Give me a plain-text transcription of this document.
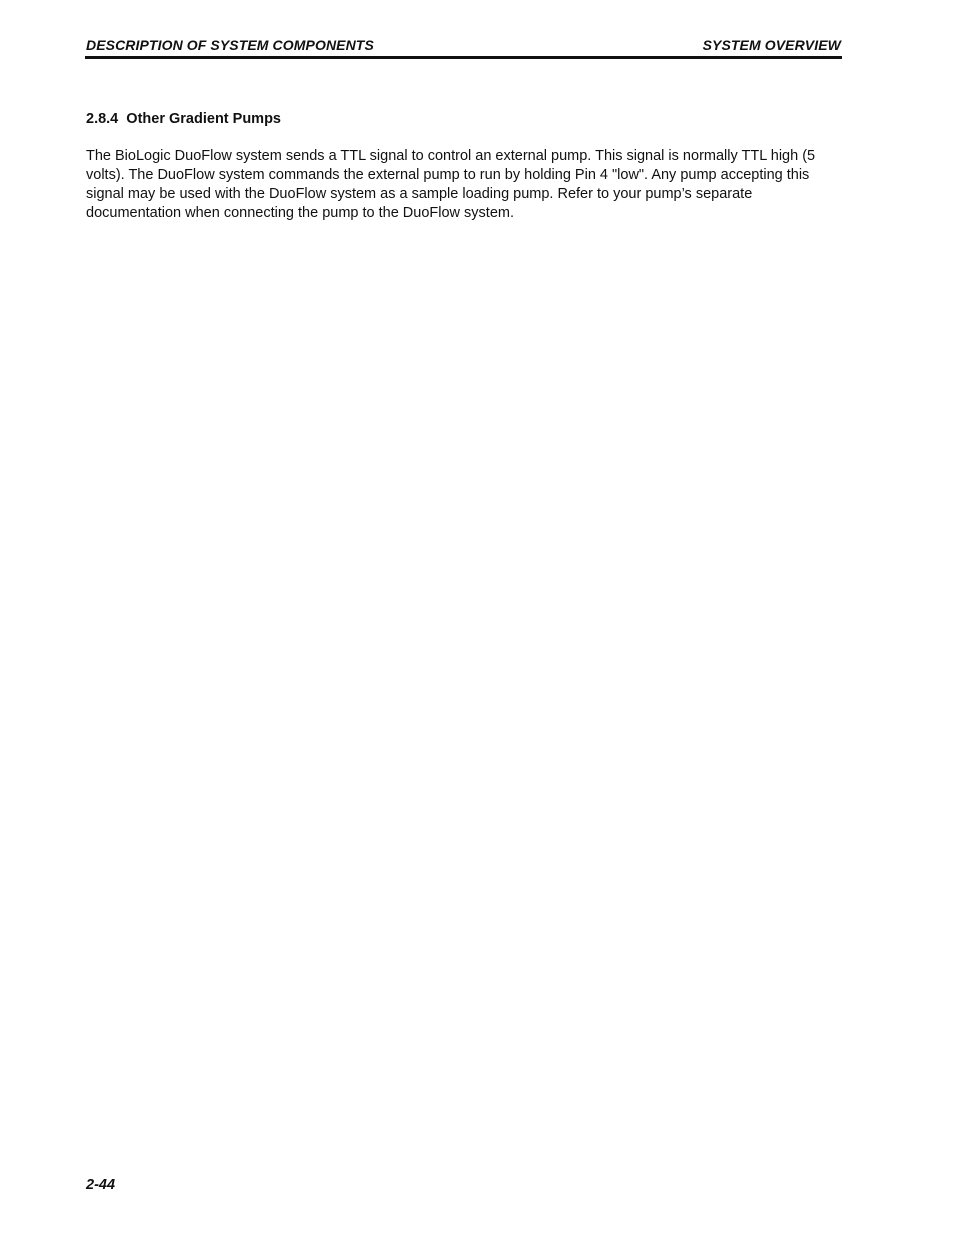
DESCRIPTION OF SYSTEM COMPONENTS	SYSTEM OVERVIEW
2.8.4  Other Gradient Pumps

The BioLogic DuoFlow system sends a TTL signal to control an external pump. This signal is normally TTL high (5 volts). The DuoFlow system commands the external pump to run by holding Pin 4 "low". Any pump accepting this signal may be used with the DuoFlow system as a sample loading pump. Refer to your pump’s separate documentation when connecting the pump to the DuoFlow system.

2-44
